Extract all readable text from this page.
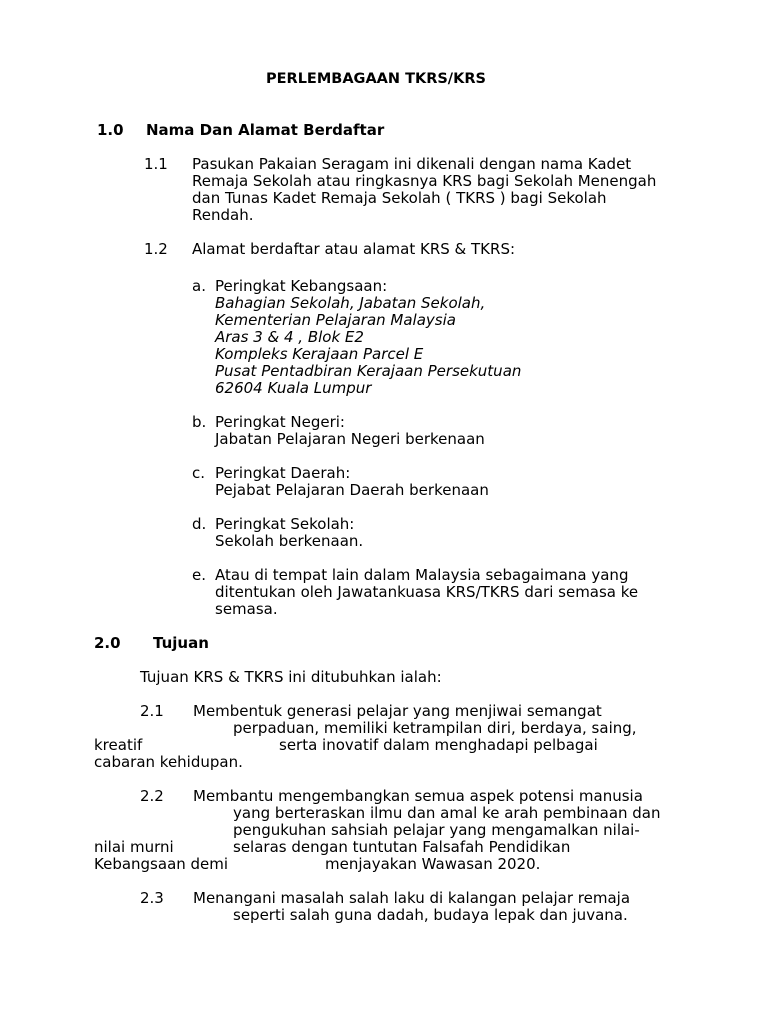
PERLEMBAGAAN TKRS/KRS
1.0 Nama Dan Alamat Berdaftar
1.1 Pasukan Pakaian Seragam ini dikenali dengan nama Kadet
Remaja Sekolah atau ringkasnya KRS bagi Sekolah Menengah
dan Tunas Kadet Remaja Sekolah ( TKRS ) bagi Sekolah
Rendah.
1.2 Alamat berdaftar atau alamat KRS & TKRS:
a. Peringkat Kebangsaan:
Bahagian Sekolah, Jabatan Sekolah,
Kementerian Pelajaran Malaysia
Aras 3 & 4 , Blok E2
Kompleks Kerajaan Parcel E
Pusat Pentadbiran Kerajaan Persekutuan
62604 Kuala Lumpur
b. Peringkat Negeri:
Jabatan Pelajaran Negeri berkenaan
c. Peringkat Daerah:
Pejabat Pelajaran Daerah berkenaan
d. Peringkat Sekolah:
Sekolah berkenaan.
e. Atau di tempat lain dalam Malaysia sebagaimana yang
ditentukan oleh Jawatankuasa KRS/TKRS dari semasa ke
semasa.
2.0 Tujuan
Tujuan KRS & TKRS ini ditubuhkan ialah:
2.1 Membentuk generasi pelajar yang menjiwai semangat
perpaduan, memiliki ketrampilan diri, berdaya, saing,
kreatif	serta inovatif dalam menghadapi pelbagai
cabaran kehidupan.
2.2 Membantu mengembangkan semua aspek potensi manusia
yang berteraskan ilmu dan amal ke arah pembinaan dan
pengukuhan sahsiah pelajar yang mengamalkan nilai-
nilai murni	selaras dengan tuntutan Falsafah Pendidikan
Kebangsaan demi	menjayakan Wawasan 2020.
2.3 Menangani masalah salah laku di kalangan pelajar remaja
seperti salah guna dadah, budaya lepak dan juvana.
